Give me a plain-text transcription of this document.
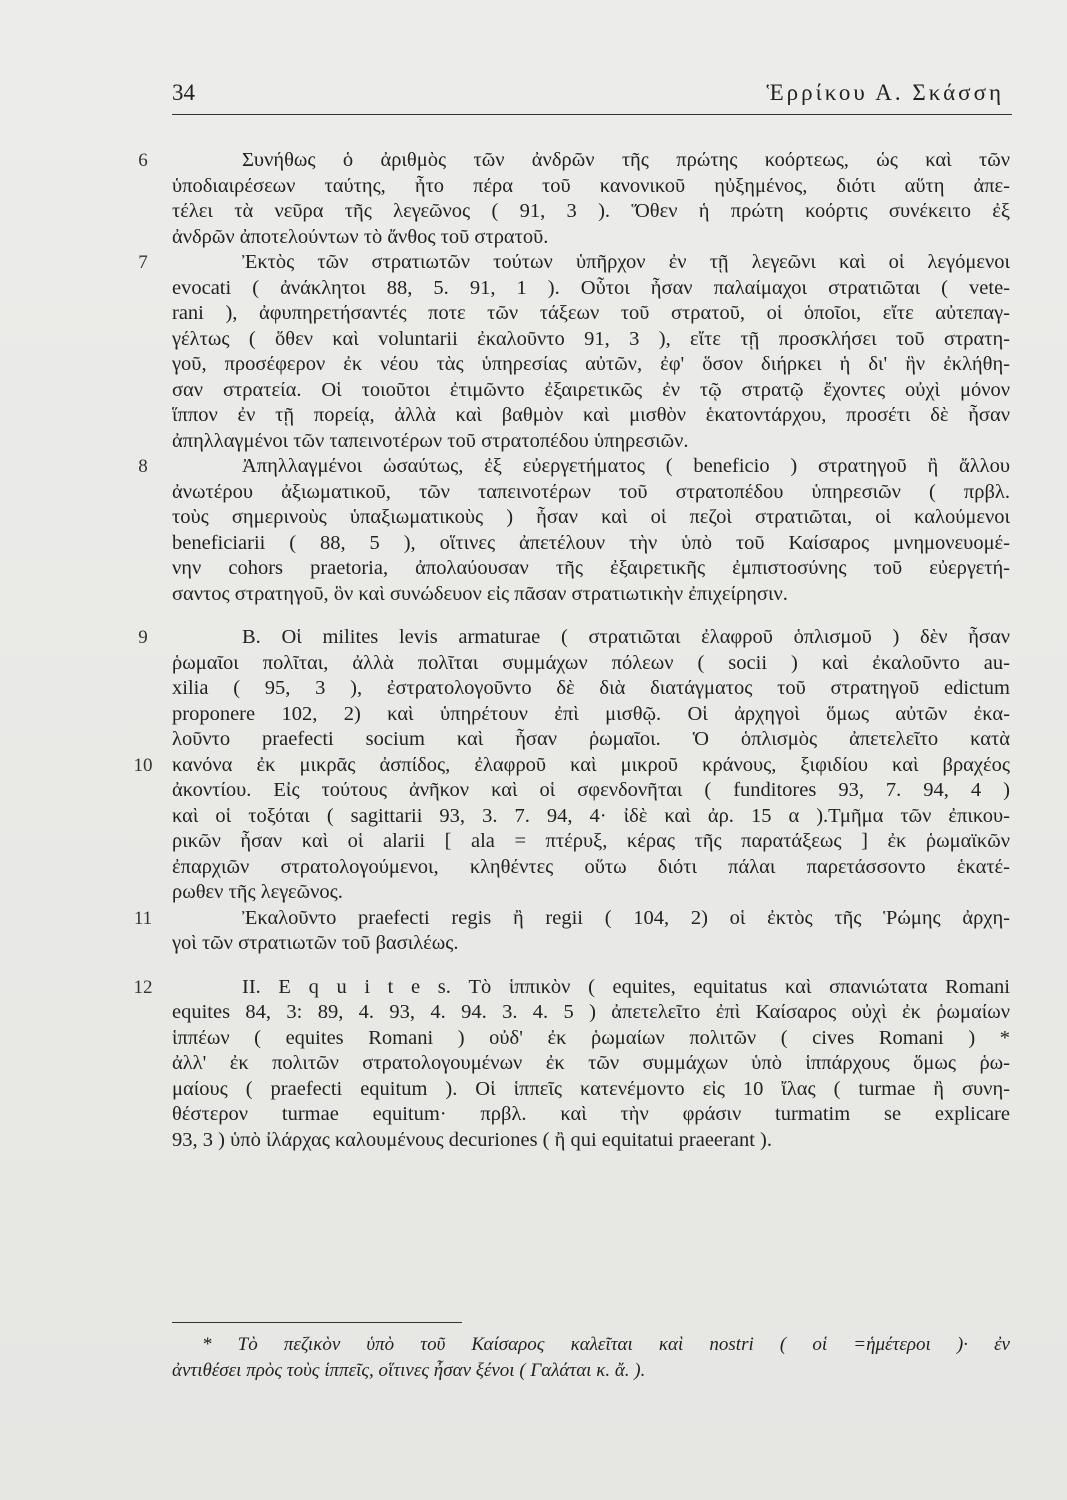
34	Ἑρρίκου Α. Σκάσση
6	Συνήθως ὁ ἀριθμὸς τῶν ἀνδρῶν τῆς πρώτης κοόρτεως, ὡς καὶ τῶν
ὑποδιαιρέσεων ταύτης, ἦτο πέρα τοῦ κανονικοῦ ηὐξημένος, διότι αὕτη ἀπε-
τέλει τὰ νεῦρα τῆς λεγεῶνος ( 91, 3 ). Ὅθεν ἡ πρώτη κοόρτις συνέκειτο ἐξ
ἀνδρῶν ἀποτελούντων τὸ ἄνθος τοῦ στρατοῦ.
7	Ἐκτὸς τῶν στρατιωτῶν τούτων ὑπῆρχον ἐν τῇ λεγεῶνι καὶ οἱ λεγόμενοι
evocati ( ἀνάκλητοι 88, 5. 91, 1 ). Οὗτοι ἦσαν παλαίμαχοι στρατιῶται ( vete-
rani ), ἀφυπηρετήσαντές ποτε τῶν τάξεων τοῦ στρατοῦ, οἱ ὁποῖοι, εἴτε αὐτεπαγ-
γέλτως ( ὅθεν καὶ voluntarii ἐκαλοῦντο 91, 3 ), εἴτε τῇ προσκλήσει τοῦ στρατη-
γοῦ, προσέφερον ἐκ νέου τὰς ὑπηρεσίας αὐτῶν, ἐφ' ὅσον διήρκει ἡ δι' ἣν ἐκλήθη-
σαν στρατεία. Οἱ τοιοῦτοι ἐτιμῶντο ἐξαιρετικῶς ἐν τῷ στρατῷ ἔχοντες οὐχὶ μόνον
ἵππον ἐν τῇ πορείᾳ, ἀλλὰ καὶ βαθμὸν καὶ μισθὸν ἑκατοντάρχου, προσέτι δὲ ἦσαν
ἀπηλλαγμένοι τῶν ταπεινοτέρων τοῦ στρατοπέδου ὑπηρεσιῶν.
8	Ἀπηλλαγμένοι ὡσαύτως, ἐξ εὐεργετήματος ( beneficio ) στρατηγοῦ ἢ ἄλλου
ἀνωτέρου ἀξιωματικοῦ, τῶν ταπεινοτέρων τοῦ στρατοπέδου ὑπηρεσιῶν ( πρβλ.
τοὺς σημερινοὺς ὑπαξιωματικοὺς ) ἦσαν καὶ οἱ πεζοὶ στρατιῶται, οἱ καλούμενοι
beneficiarii ( 88, 5 ), οἵτινες ἀπετέλουν τὴν ὑπὸ τοῦ Καίσαρος μνημονευομέ-
νην cohors praetoria, ἀπολαύουσαν τῆς ἐξαιρετικῆς ἐμπιστοσύνης τοῦ εὐεργετή-
σαντος στρατηγοῦ, ὃν καὶ συνώδευον εἰς πᾶσαν στρατιωτικὴν ἐπιχείρησιν.
9
10
Β. Οἱ milites levis armaturae ( στρατιῶται ἐλαφροῦ ὁπλισμοῦ ) δὲν ἦσαν
ῥωμαῖοι πολῖται, ἀλλὰ πολῖται συμμάχων πόλεων ( socii ) καὶ ἐκαλοῦντο au-
xilia ( 95, 3 ), ἐστρατολογοῦντο δὲ διὰ διατάγματος τοῦ στρατηγοῦ edictum
proponere 102, 2) καὶ ὑπηρέτουν ἐπὶ μισθῷ. Οἱ ἀρχηγοὶ ὅμως αὐτῶν ἐκα-
λοῦντο praefecti socium καὶ ἦσαν ῥωμαῖοι. Ὁ ὁπλισμὸς ἀπετελεῖτο κατὰ
κανόνα ἐκ μικρᾶς ἀσπίδος, ἐλαφροῦ καὶ μικροῦ κράνους, ξιφιδίου καὶ βραχέος
ἀκοντίου. Εἰς τούτους ἀνῆκον καὶ οἱ σφενδονῆται ( funditores 93, 7. 94, 4 )
καὶ οἱ τοξόται ( sagittarii 93, 3. 7. 94, 4· ἰδὲ καὶ ἀρ. 15 α ).Τμῆμα τῶν ἐπικου-
ρικῶν ἦσαν καὶ οἱ alarii [ ala = πτέρυξ, κέρας τῆς παρατάξεως ] ἐκ ῥωμαϊκῶν
ἐπαρχιῶν στρατολογούμενοι, κληθέντες οὕτω διότι πάλαι παρετάσσοντο ἑκατέ-
ρωθεν τῆς λεγεῶνος.
11	Ἐκαλοῦντο praefecti regis ἢ regii ( 104, 2) οἱ ἐκτὸς τῆς Ῥώμης ἀρχη-
γοὶ τῶν στρατιωτῶν τοῦ βασιλέως.
12	ΙΙ. E q u i t e s. Τὸ ἱππικὸν ( equites, equitatus καὶ σπανιώτατα Romani
equites 84, 3: 89, 4. 93, 4. 94. 3. 4. 5 ) ἀπετελεῖτο ἐπὶ Καίσαρος οὐχὶ ἐκ ῥωμαίων
ἱππέων ( equites Romani ) οὐδ' ἐκ ῥωμαίων πολιτῶν ( cives Romani ) *
ἀλλ' ἐκ πολιτῶν στρατολογουμένων ἐκ τῶν συμμάχων ὑπὸ ἱππάρχους ὅμως ῥω-
μαίους ( praefecti equitum ). Οἱ ἱππεῖς κατενέμοντο εἰς 10 ἴλας ( turmae ἢ συνη-
θέστερον turmae equitum· πρβλ. καὶ τὴν φράσιν turmatim se explicare
93, 3 ) ὑπὸ ἰλάρχας καλουμένους decuriones ( ἢ qui equitatui praeerant ).
* Τὸ πεζικὸν ὑπὸ τοῦ Καίσαρος καλεῖται καὶ nostri ( οἱ =ἡμέτεροι )· ἐν
ἀντιθέσει πρὸς τοὺς ἱππεῖς, οἵτινες ἦσαν ξένοι ( Γαλάται κ. ἄ. ).
